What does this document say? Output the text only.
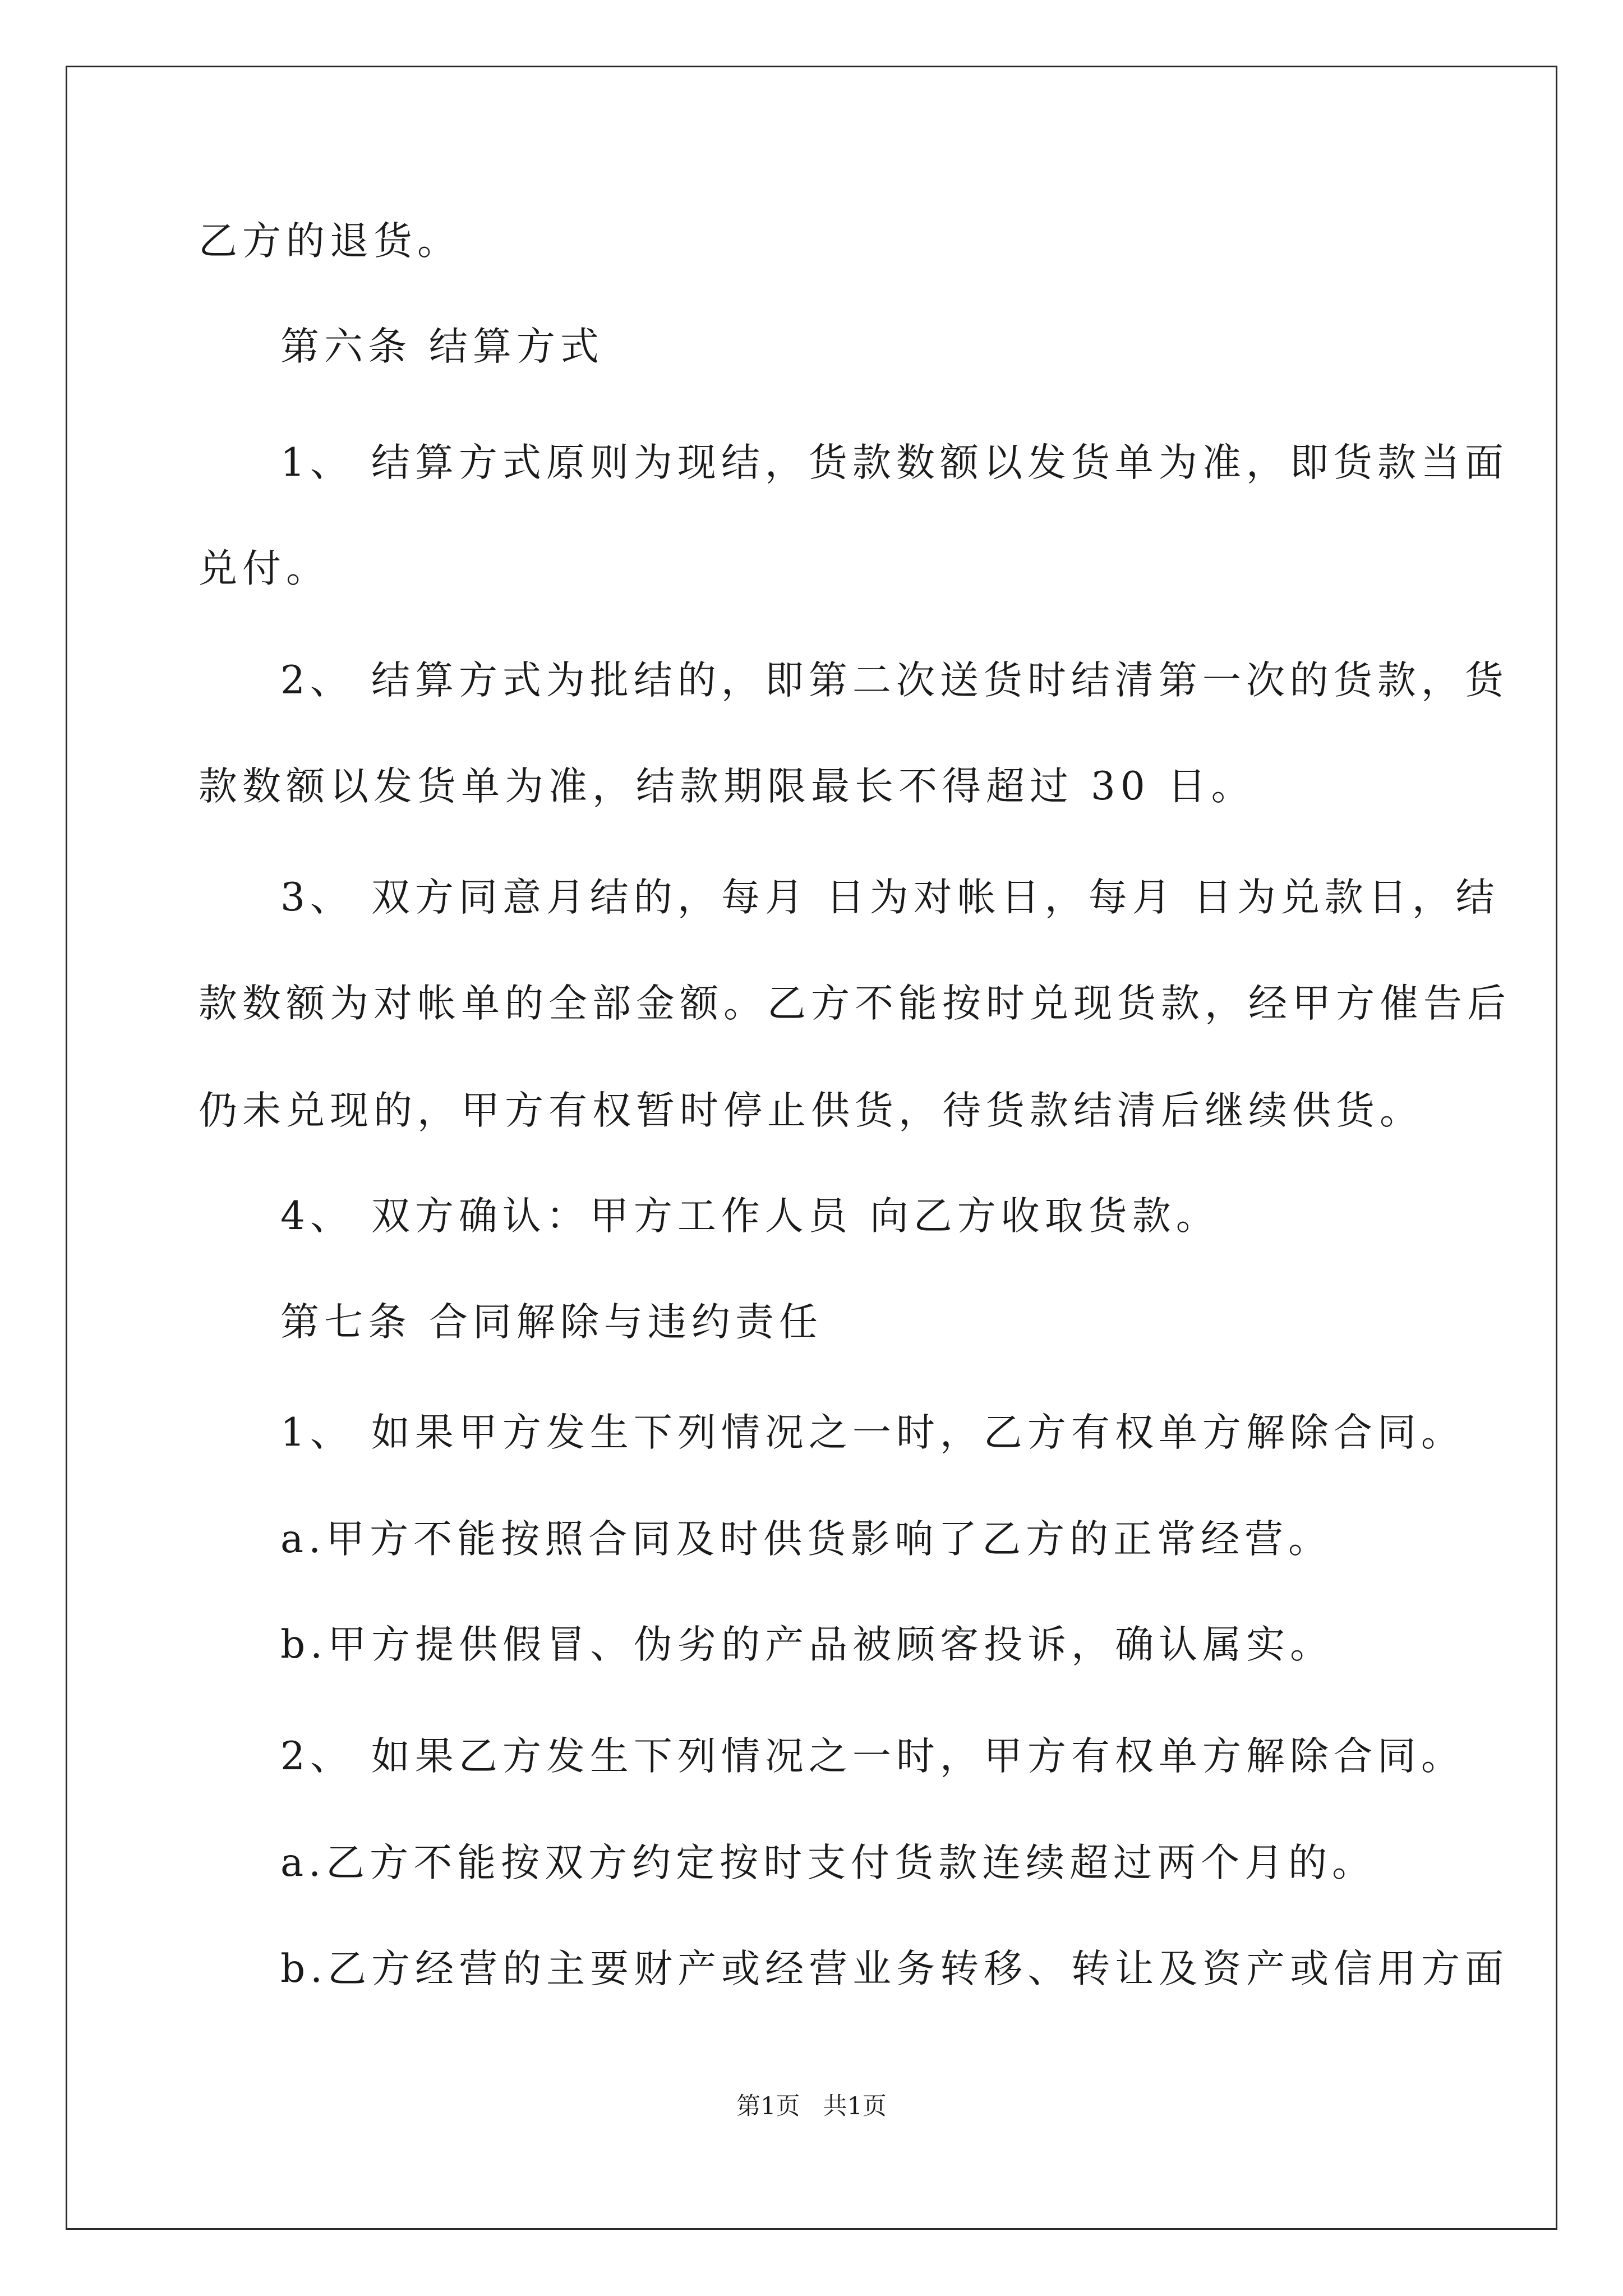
乙方的退货。
第六条 结算方式
1、 结算方式原则为现结，货款数额以发货单为准，即货款当面
兑付。
2、 结算方式为批结的，即第二次送货时结清第一次的货款，货
款数额以发货单为准，结款期限最长不得超过 30 日。
3、 双方同意月结的，每月 日为对帐日，每月 日为兑款日，结
款数额为对帐单的全部金额。乙方不能按时兑现货款，经甲方催告后
仍未兑现的，甲方有权暂时停止供货，待货款结清后继续供货。
4、 双方确认：甲方工作人员 向乙方收取货款。
第七条 合同解除与违约责任
1、 如果甲方发生下列情况之一时，乙方有权单方解除合同。
a.甲方不能按照合同及时供货影响了乙方的正常经营。
b.甲方提供假冒、伪劣的产品被顾客投诉，确认属实。
2、 如果乙方发生下列情况之一时，甲方有权单方解除合同。
a.乙方不能按双方约定按时支付货款连续超过两个月的。
b.乙方经营的主要财产或经营业务转移、转让及资产或信用方面
第1页   共1页
